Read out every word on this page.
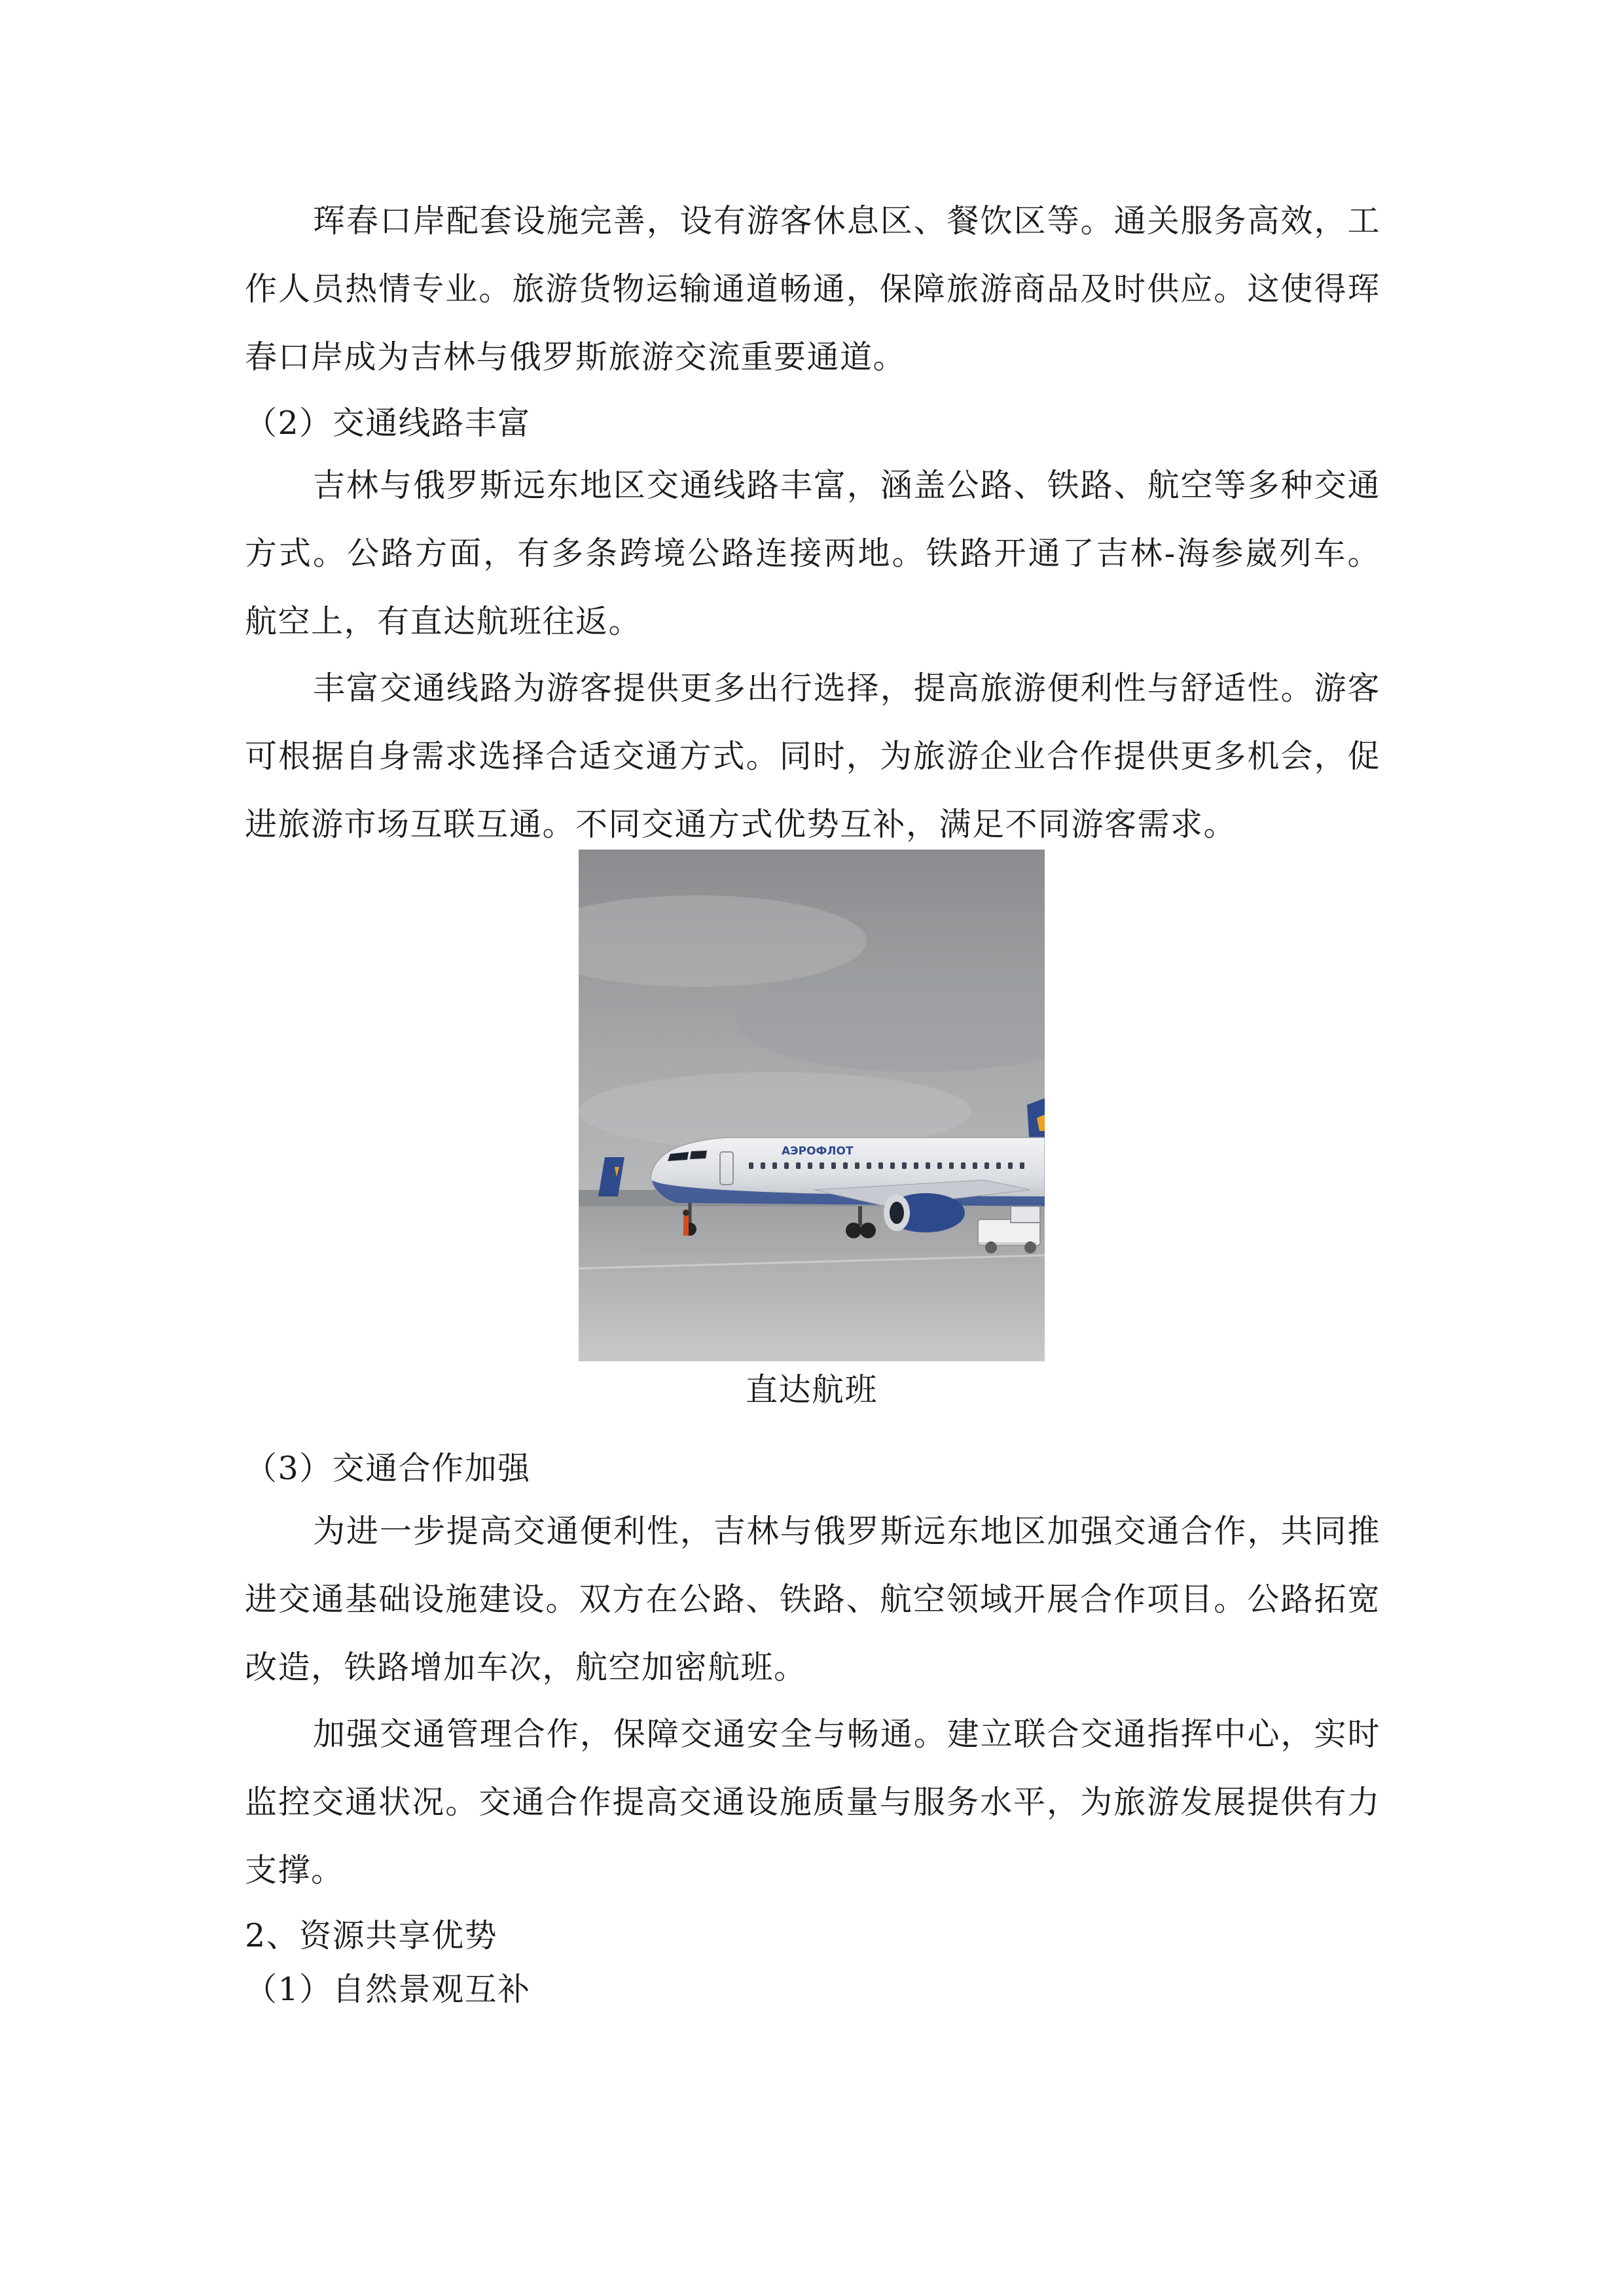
珲春口岸配套设施完善，设有游客休息区、餐饮区等。通关服务高效，工作人员热情专业。旅游货物运输通道畅通，保障旅游商品及时供应。这使得珲春口岸成为吉林与俄罗斯旅游交流重要通道。

（2）交通线路丰富

吉林与俄罗斯远东地区交通线路丰富，涵盖公路、铁路、航空等多种交通方式。公路方面，有多条跨境公路连接两地。铁路开通了吉林-海参崴列车。航空上，有直达航班往返。

丰富交通线路为游客提供更多出行选择，提高旅游便利性与舒适性。游客可根据自身需求选择合适交通方式。同时，为旅游企业合作提供更多机会，促进旅游市场互联互通。不同交通方式优势互补，满足不同游客需求。

АЭРОФЛОТ

直达航班

（3）交通合作加强

为进一步提高交通便利性，吉林与俄罗斯远东地区加强交通合作，共同推进交通基础设施建设。双方在公路、铁路、航空领域开展合作项目。公路拓宽改造，铁路增加车次，航空加密航班。

加强交通管理合作，保障交通安全与畅通。建立联合交通指挥中心，实时监控交通状况。交通合作提高交通设施质量与服务水平，为旅游发展提供有力支撑。

2、资源共享优势

（1）自然景观互补
